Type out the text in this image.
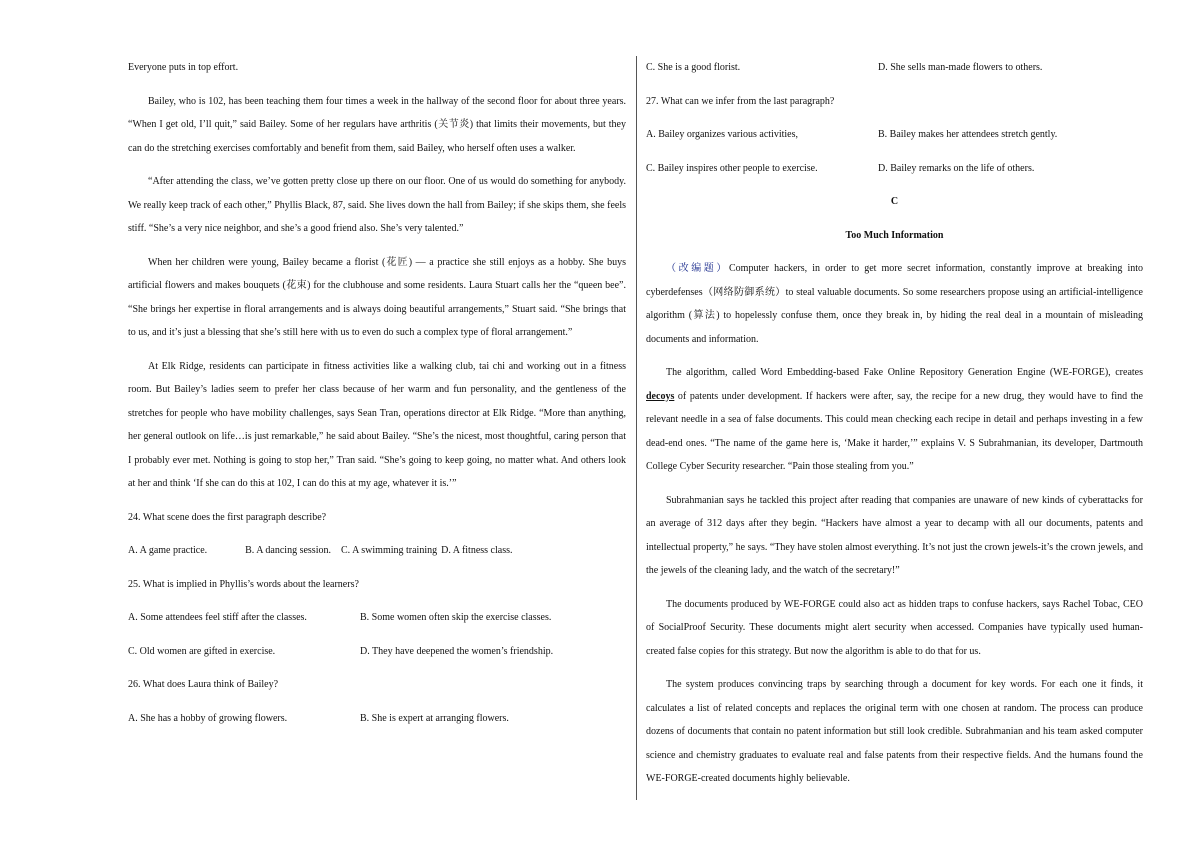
Everyone puts in top effort.

Bailey, who is 102, has been teaching them four times a week in the hallway of the second floor for about three years. “When I get old, I’ll quit,” said Bailey. Some of her regulars have arthritis (关节炎) that limits their movements, but they can do the stretching exercises comfortably and benefit from them, said Bailey, who herself often uses a walker.

“After attending the class, we’ve gotten pretty close up there on our floor. One of us would do something for anybody. We really keep track of each other,” Phyllis Black, 87, said. She lives down the hall from Bailey; if she skips them, she feels stiff. “She’s a very nice neighbor, and she’s a good friend also. She’s very talented.”

When her children were young, Bailey became a florist (花匠) — a practice she still enjoys as a hobby. She buys artificial flowers and makes bouquets (花束) for the clubhouse and some residents. Laura Stuart calls her the “queen bee”. “She brings her expertise in floral arrangements and is always doing beautiful arrangements,” Stuart said. “She brings that to us, and it’s just a blessing that she’s still here with us to even do such a complex type of floral arrangement.”

At Elk Ridge, residents can participate in fitness activities like a walking club, tai chi and working out in a fitness room. But Bailey’s ladies seem to prefer her class because of her warm and fun personality, and the gentleness of the stretches for people who have mobility challenges, says Sean Tran, operations director at Elk Ridge. “More than anything, her general outlook on life…is just remarkable,” he said about Bailey. “She’s the nicest, most thoughtful, caring person that I probably ever met. Nothing is going to stop her,” Tran said. “She’s going to keep going, no matter what. And others look at her and think ‘If she can do this at 102, I can do this at my age, whatever it is.’”

24. What scene does the first paragraph describe?

A. A game practice.	B. A dancing session. C. A swimming training D. A fitness class.

25. What is implied in Phyllis’s words about the learners?

A. Some attendees feel stiff after the classes.	B. Some women often skip the exercise classes.
C. Old women are gifted in exercise.	D. They have deepened the women’s friendship.

26. What does Laura think of Bailey?

A. She has a hobby of growing flowers.	B. She is expert at arranging flowers.
C. She is a good florist.	D. She sells man-made flowers to others.

27. What can we infer from the last paragraph?

A. Bailey organizes various activities,	B. Bailey makes her attendees stretch gently.
C. Bailey inspires other people to exercise.	D. Bailey remarks on the life of others.
C
Too Much Information

（改编题）Computer hackers, in order to get more secret information, constantly improve at breaking into cyberdefenses（网络防御系统）to steal valuable documents. So some researchers propose using an artificial-intelligence algorithm (算法) to hopelessly confuse them, once they break in, by hiding the real deal in a mountain of misleading documents and information.

The algorithm, called Word Embedding-based Fake Online Repository Generation Engine (WE-FORGE), creates decoys of patents under development. If hackers were after, say, the recipe for a new drug, they would have to find the relevant needle in a sea of false documents. This could mean checking each recipe in detail and perhaps investing in a few dead-end ones. “The name of the game here is, ‘Make it harder,’” explains V. S Subrahmanian, its developer, Dartmouth College Cyber Security researcher. “Pain those stealing from you.”

Subrahmanian says he tackled this project after reading that companies are unaware of new kinds of cyberattacks for an average of 312 days after they begin. “Hackers have almost a year to decamp with all our documents, patents and intellectual property,” he says. “They have stolen almost everything. It’s not just the crown jewels-it’s the crown jewels, and the jewels of the cleaning lady, and the watch of the secretary!”

The documents produced by WE-FORGE could also act as hidden traps to confuse hackers, says Rachel Tobac, CEO of SocialProof Security. These documents might alert security when accessed. Companies have typically used human-created false copies for this strategy. But now the algorithm is able to do that for us.

The system produces convincing traps by searching through a document for key words. For each one it finds, it calculates a list of related concepts and replaces the original term with one chosen at random. The process can produce dozens of documents that contain no patent information but still look credible. Subrahmanian and his team asked computer science and chemistry graduates to evaluate real and false patents from their respective fields. And the humans found the WE-FORGE-created documents highly believable.
